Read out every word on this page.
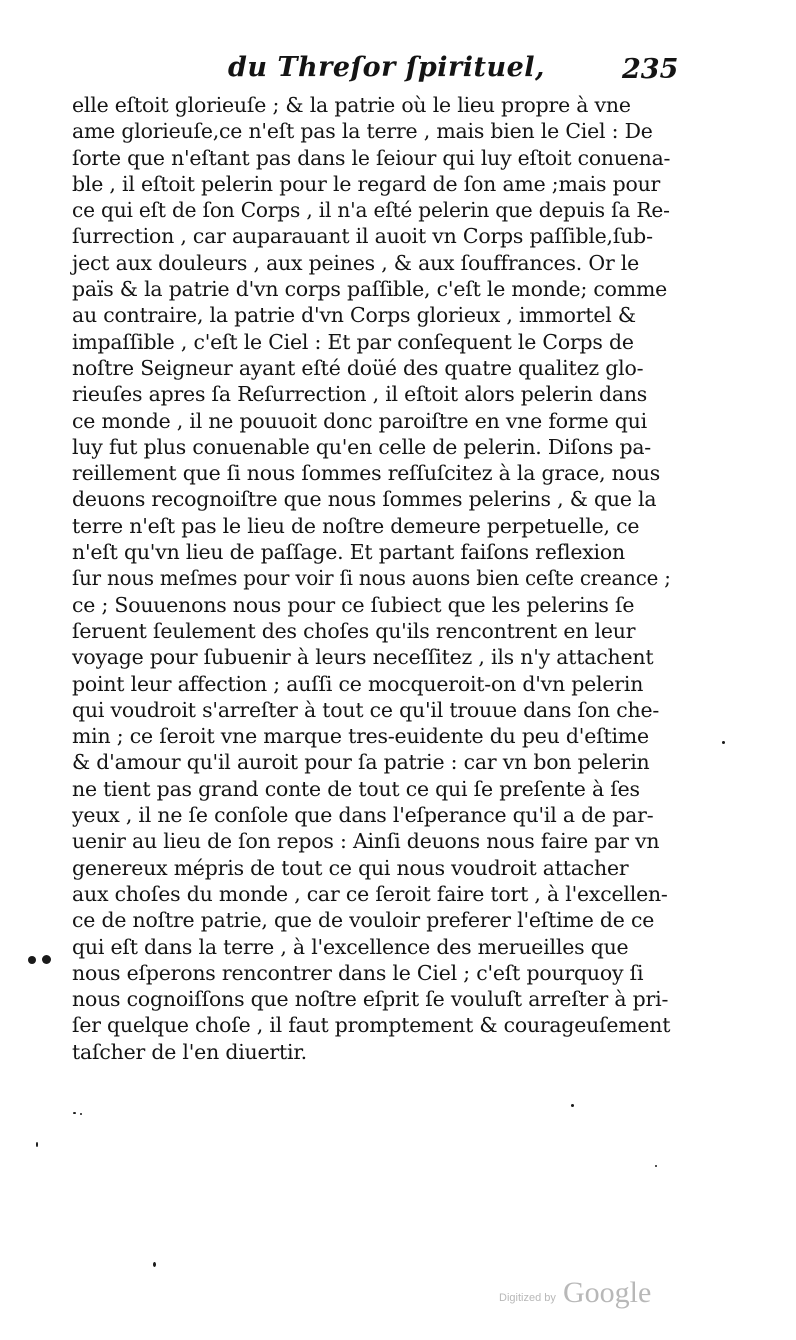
du Threſor ſpirituel,	235
elle eſtoit glorieuſe ; & la patrie où le lieu propre à vne
ame glorieuſe,ce n'eſt pas la terre , mais bien le Ciel : De
ſorte que n'eſtant pas dans le ſeiour qui luy eſtoit conuena-
ble , il eſtoit pelerin pour le regard de ſon ame ;mais pour
ce qui eſt de ſon Corps , il n'a eſté pelerin que depuis ſa Re-
ſurrection , car auparauant il auoit vn Corps paſſible,ſub-
ject aux douleurs , aux peines , & aux ſouffrances. Or le
païs & la patrie d'vn corps paſſible, c'eſt le monde; comme
au contraire, la patrie d'vn Corps glorieux , immortel &
impaſſible , c'eſt le Ciel : Et par conſequent le Corps de
noſtre Seigneur ayant eſté doüé des quatre qualitez glo-
rieuſes apres ſa Reſurrection , il eſtoit alors pelerin dans
ce monde , il ne pouuoit donc paroiſtre en vne forme qui
luy fut plus conuenable qu'en celle de pelerin. Diſons pa-
reillement que ſi nous ſommes reſſuſcitez à la grace, nous
deuons recognoiſtre que nous ſommes pelerins , & que la
terre n'eſt pas le lieu de noſtre demeure perpetuelle, ce
n'eſt qu'vn lieu de paſſage. Et partant faiſons reflexion
ſur nous meſmes pour voir ſi nous auons bien ceſte creance ;
ce ; Souuenons nous pour ce ſubiect que les pelerins ſe
ſeruent ſeulement des choſes qu'ils rencontrent en leur
voyage pour ſubuenir à leurs neceſſitez , ils n'y attachent
point leur affection ; auſſi ce mocqueroit-on d'vn pelerin
qui voudroit s'arreſter à tout ce qu'il trouue dans ſon che-
min ; ce ſeroit vne marque tres-euidente du peu d'eſtime
& d'amour qu'il auroit pour ſa patrie : car vn bon pelerin
ne tient pas grand conte de tout ce qui ſe preſente à ſes
yeux , il ne ſe conſole que dans l'eſperance qu'il a de par-
uenir au lieu de ſon repos : Ainſi deuons nous faire par vn
genereux mépris de tout ce qui nous voudroit attacher
aux choſes du monde , car ce ſeroit faire tort , à l'excellen-
ce de noſtre patrie, que de vouloir preferer l'eſtime de ce
qui eſt dans la terre , à l'excellence des merueilles que
nous eſperons rencontrer dans le Ciel ; c'eſt pourquoy ſi
nous cognoiſſons que noſtre eſprit ſe vouluſt arreſter à pri-
ſer quelque choſe , il faut promptement & courageuſement
taſcher de l'en diuertir.
Digitized by Google
